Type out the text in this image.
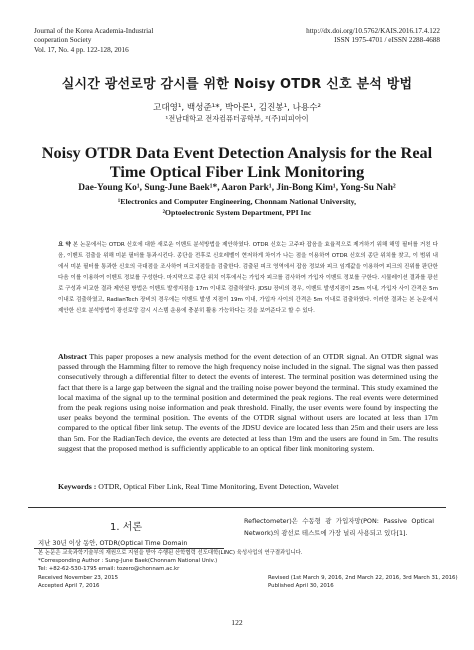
Journal of the Korea Academia-Industrial
cooperation Society
Vol. 17, No. 4 pp. 122-128, 2016
http://dx.doi.org/10.5762/KAIS.2016.17.4.122
ISSN 1975-4701 / eISSN 2288-4688
실시간 광선로망 감시를 위한 Noisy OTDR 신호 분석 방법
고대영¹, 백성준¹*, 박아론¹, 김진봉¹, 나용수²
¹전남대학교 전자컴퓨터공학부, ²(주)피피아이
Noisy OTDR Data Event Detection Analysis for the Real Time Optical Fiber Link Monitoring
Dae-Young Ko¹, Sung-June Baek¹*, Aaron Park¹, Jin-Bong Kim¹, Yong-Su Nah²
¹Electronics and Computer Engineering, Chonnam National University,
²Optoelectronic System Department, PPI Inc
요 약 본 논문에서는 OTDR 신호에 대한 새로운 이벤트 분석방법을 제안하였다. OTDR 신호는 고주파 잡음을 효율적으로 제거하기 위해 해밍 필터를 거친 다음, 이벤트 검출을 위해 미분 필터를 통과시킨다. 종단을 전후로 신호레벨이 현저하게 차이가 나는 점을 이용하여 OTDR 신호의 종단 위치를 찾고, 이 범위 내에서 미분 필터를 통과한 신호의 극대점을 조사하여 피크지점들을 검출한다. 검출된 피크 영역에서 잡음 정보와 피크 임계값을 이용하여 피크의 진위를 판단한 다음 이를 이용하여 이벤트 정보를 구성한다. 마지막으로 종단 위치 이후에서는 가입자 피크를 검사하여 가입자 이벤트 정보를 구한다. 시뮬레이션 결과를 광선로 구성과 비교한 결과 제안된 방법은 이벤트 발생지점을 17m 이내로 검출하였다. JDSU 장비의 경우, 이벤트 발생지점이 25m 이내, 가입자 사이 간격은 5m 이내로 검출하였고, RadianTech 장비의 경우에는 이벤트 발생 지점이 19m 이내, 가입자 사이의 간격은 5m 이내로 검출하였다. 이러한 결과는 본 논문에서 제안한 신호 분석방법이 광선로망 감시 시스템 운용에 충분히 활용 가능하다는 것을 보여준다고 할 수 있다.
Abstract This paper proposes a new analysis method for the event detection of an OTDR signal. An OTDR signal was passed through the Hamming filter to remove the high frequency noise included in the signal. The signal was then passed consecutively through a differential filter to detect the events of interest. The terminal position was determined using the fact that there is a large gap between the signal and the trailing noise power beyond the terminal. This study examined the local maxima of the signal up to the terminal position and determined the peak regions. The real events were determined from the peak regions using noise information and peak threshold. Finally, the user events were found by inspecting the user peaks beyond the terminal position. The events of the OTDR signal without users are located at less than 17m compared to the optical fiber link setup. The events of the JDSU device are located less than 25m and their users are less than 5m. For the RadianTech device, the events are detected at less than 19m and the users are found in 5m. The results suggest that the proposed method is sufficiently applicable to an optical fiber link monitoring system.
Keywords : OTDR, Optical Fiber Link, Real Time Monitoring, Event Detection, Wavelet
1. 서론
지난 30년 이상 동안, OTDR(Optical Time Domain
Reflectometer)은 수동형 광 가입자망(PON: Passive Optical Network)의 광선로 테스트에 가장 널리 사용되고 있다[1].
본 논문은 교육과학기술부의 재원으로 지원을 받아 수행된 산학협력 선도대학(LINC) 육성사업의 연구결과입니다.
*Corresponding Author : Sung-June Baek(Chonnam National Univ.)
Tel: +82-62-530-1795 email: tozero@chonnam.ac.kr
Received November 23, 2015	Revised (1st March 9, 2016, 2nd March 22, 2016, 3rd March 31, 2016)
Accepted April 7, 2016	Published April 30, 2016
122
